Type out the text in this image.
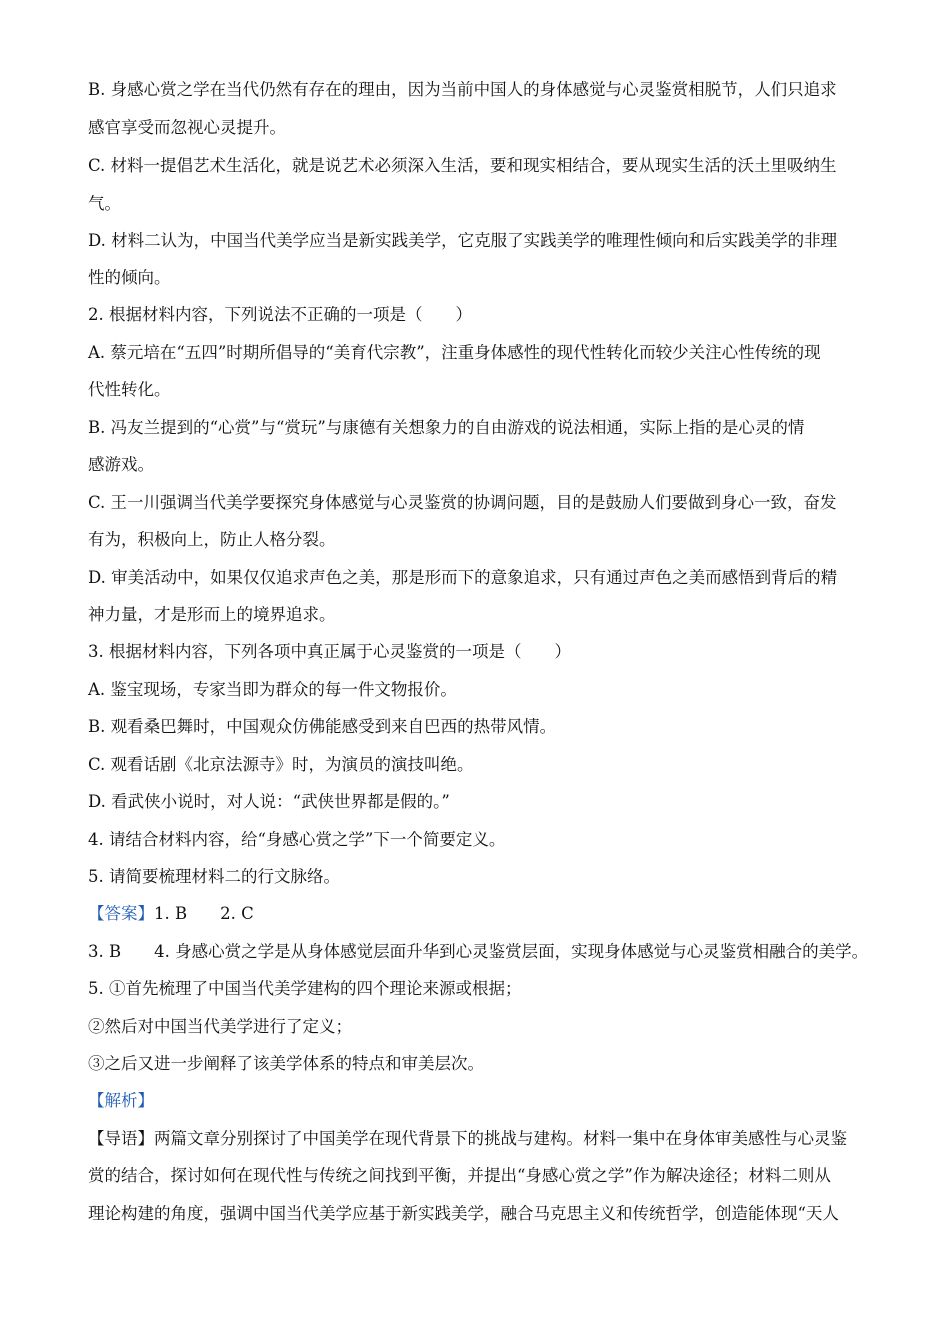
B. 身感心赏之学在当代仍然有存在的理由，因为当前中国人的身体感觉与心灵鉴赏相脱节，人们只追求
感官享受而忽视心灵提升。
C. 材料一提倡艺术生活化，就是说艺术必须深入生活，要和现实相结合，要从现实生活的沃土里吸纳生
气。
D. 材料二认为，中国当代美学应当是新实践美学，它克服了实践美学的唯理性倾向和后实践美学的非理
性的倾向。
2. 根据材料内容，下列说法不正确的一项是（　　）
A. 蔡元培在“五四”时期所倡导的“美育代宗教”，注重身体感性的现代性转化而较少关注心性传统的现
代性转化。
B. 冯友兰提到的“心赏”与“赏玩”与康德有关想象力的自由游戏的说法相通，实际上指的是心灵的情
感游戏。
C. 王一川强调当代美学要探究身体感觉与心灵鉴赏的协调问题，目的是鼓励人们要做到身心一致，奋发
有为，积极向上，防止人格分裂。
D. 审美活动中，如果仅仅追求声色之美，那是形而下的意象追求，只有通过声色之美而感悟到背后的精
神力量，才是形而上的境界追求。
3. 根据材料内容，下列各项中真正属于心灵鉴赏的一项是（　　）
A. 鉴宝现场，专家当即为群众的每一件文物报价。
B. 观看桑巴舞时，中国观众仿佛能感受到来自巴西的热带风情。
C. 观看话剧《北京法源寺》时，为演员的演技叫绝。
D. 看武侠小说时，对人说：“武侠世界都是假的。”
4. 请结合材料内容，给“身感心赏之学”下一个简要定义。
5. 请简要梳理材料二的行文脉络。
【答案】1. B　　2. C
3. B　　4. 身感心赏之学是从身体感觉层面升华到心灵鉴赏层面，实现身体感觉与心灵鉴赏相融合的美学。
5. ①首先梳理了中国当代美学建构的四个理论来源或根据；
②然后对中国当代美学进行了定义；
③之后又进一步阐释了该美学体系的特点和审美层次。
【解析】
【导语】两篇文章分别探讨了中国美学在现代背景下的挑战与建构。材料一集中在身体审美感性与心灵鉴
赏的结合，探讨如何在现代性与传统之间找到平衡，并提出“身感心赏之学”作为解决途径；材料二则从
理论构建的角度，强调中国当代美学应基于新实践美学，融合马克思主义和传统哲学，创造能体现“天人
